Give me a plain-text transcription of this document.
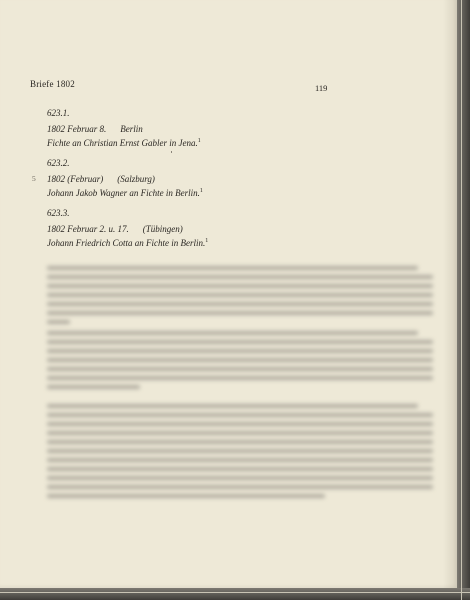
Briefe 1802	119
5
623.1.
1802 Februar 8. Berlin
Fichte an Christian Ernst Gabler in Jena.$^1$
623.2.
1802 (Februar) (Salzburg)
Johann Jakob Wagner an Fichte in Berlin.$^1$
623.3.
1802 Februar 2. u. 17. (Tübingen)
Johann Friedrich Cotta an Fichte in Berlin.$^1$
